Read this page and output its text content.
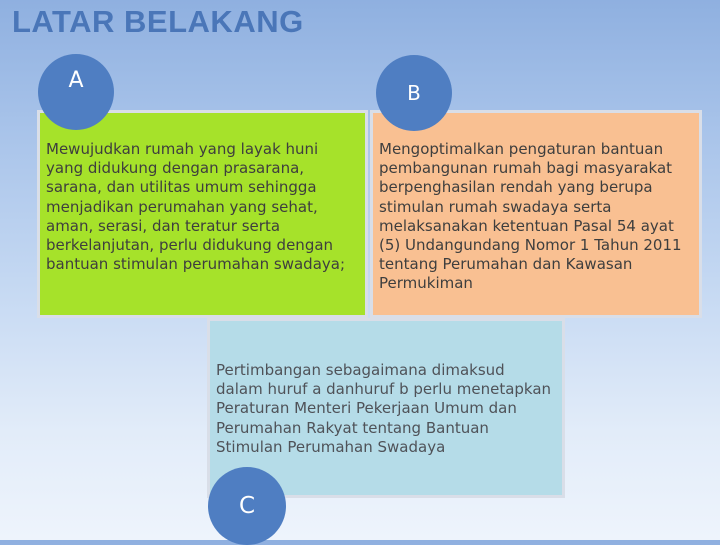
LATAR BELAKANG
Mewujudkan rumah yang layak huni yang didukung dengan prasarana, sarana, dan utilitas umum sehingga menjadikan perumahan yang sehat, aman, serasi, dan teratur serta berkelanjutan, perlu didukung dengan bantuan stimulan perumahan swadaya;
Mengoptimalkan pengaturan bantuan pembangunan rumah bagi masyarakat berpenghasilan rendah yang berupa stimulan rumah swadaya serta melaksanakan ketentuan Pasal 54 ayat (5) Undangundang Nomor 1 Tahun 2011 tentang Perumahan dan Kawasan Permukiman
Pertimbangan sebagaimana dimaksud dalam huruf a danhuruf b perlu menetapkan Peraturan Menteri Pekerjaan Umum dan Perumahan Rakyat tentang Bantuan Stimulan Perumahan Swadaya
A	B
C
